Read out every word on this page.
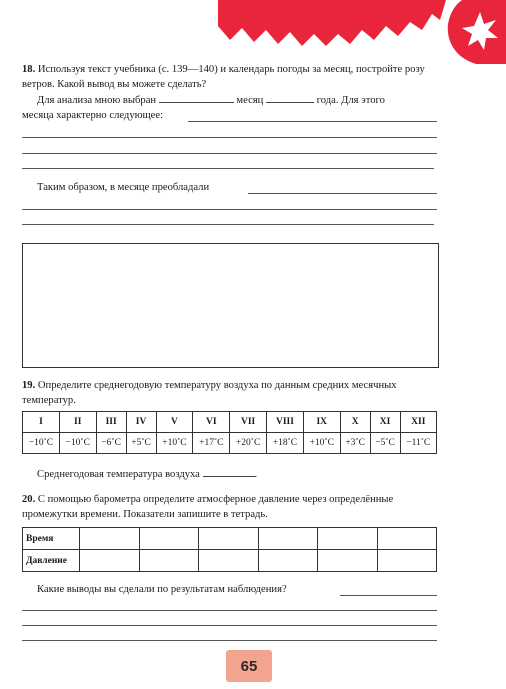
18. Используя текст учебника (с. 139—140) и календарь погоды за месяц, постройте розу ветров. Какой вывод вы можете сделать?
Для анализа мною выбран	месяц	года. Для этого
месяца характерно следующее:
Таким образом, в месяце преобладали
19. Определите среднегодовую температуру воздуха по данным средних месячных температур.
I	II	III	IV	V	VI	VII	VIII	IX	X	XI	XII
−10˚С	−10˚С	−6˚С	+5˚С	+10˚С	+17˚С	+20˚С	+18˚С	+10˚С	+3˚С	−5˚С	−11˚С
Среднегодовая температура воздуха	.
20. С помощью барометра определите атмосферное давление через определённые промежутки времени. Показатели запишите в тетрадь.
Время						
Давление						
Какие выводы вы сделали по результатам наблюдения?
65
